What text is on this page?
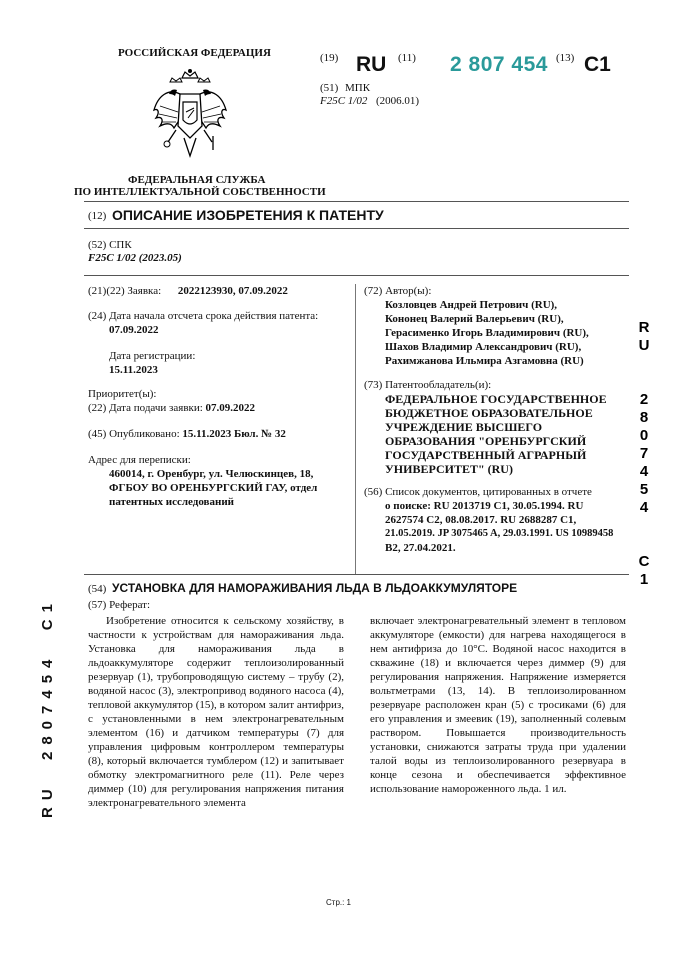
РОССИЙСКАЯ ФЕДЕРАЦИЯ
ФЕДЕРАЛЬНАЯ СЛУЖБА
ПО ИНТЕЛЛЕКТУАЛЬНОЙ СОБСТВЕННОСТИ
(19) RU (11) 2 807 454 (13) C1
(51) МПК
F25C 1/02 (2006.01)
(12) ОПИСАНИЕ ИЗОБРЕТЕНИЯ К ПАТЕНТУ
(52) СПК
F25C 1/02 (2023.05)
(21)(22) Заявка: 2022123930, 07.09.2022
(24) Дата начала отсчета срока действия патента:
07.09.2022
Дата регистрации:
15.11.2023
Приоритет(ы):
(22) Дата подачи заявки: 07.09.2022
(45) Опубликовано: 15.11.2023 Бюл. № 32
Адрес для переписки:
460014, г. Оренбург, ул. Челюскинцев, 18,
ФГБОУ ВО ОРЕНБУРГСКИЙ ГАУ, отдел
патентных исследований
(72) Автор(ы):
Козловцев Андрей Петрович (RU),
Кононец Валерий Валерьевич (RU),
Герасименко Игорь Владимирович (RU),
Шахов Владимир Александрович (RU),
Рахимжанова Ильмира Азгамовна (RU)
(73) Патентообладатель(и):
ФЕДЕРАЛЬНОЕ ГОСУДАРСТВЕННОЕ
БЮДЖЕТНОЕ ОБРАЗОВАТЕЛЬНОЕ
УЧРЕЖДЕНИЕ ВЫСШЕГО
ОБРАЗОВАНИЯ "ОРЕНБУРГСКИЙ
ГОСУДАРСТВЕННЫЙ АГРАРНЫЙ
УНИВЕРСИТЕТ" (RU)
(56) Список документов, цитированных в отчете
о поиске: RU 2013719 C1, 30.05.1994. RU
2627574 C2, 08.08.2017. RU 2688287 C1,
21.05.2019. JP 3075465 A, 29.03.1991. US 10989458
B2, 27.04.2021.
(54) УСТАНОВКА ДЛЯ НАМОРАЖИВАНИЯ ЛЬДА В ЛЬДОАККУМУЛЯТОРЕ
(57) Реферат:
Изобретение относится к сельскому хозяйству, в частности к устройствам для намораживания льда. Установка для намораживания льда в льдоаккумуляторе содержит теплоизолированный резервуар (1), трубопроводящую систему – трубу (2), водяной насос (3), электропривод водяного насоса (4), тепловой аккумулятор (15), в котором залит антифриз, с установленными в нем электронагревательным элементом (16) и датчиком температуры (7) для управления цифровым контроллером температуры (8), который включается тумблером (12) и запитывает обмотку электромагнитного реле (11). Реле через диммер (10) для регулирования напряжения питания электронагревательного элемента
включает электронагревательный элемент в тепловом аккумуляторе (емкости) для нагрева находящегося в нем антифриза до 10°С. Водяной насос находится в скважине (18) и включается через диммер (9) для регулирования напряжения. Напряжение измеряется вольтметрами (13, 14). В теплоизолированном резервуаре расположен кран (5) с тросиками (6) для его управления и змеевик (19), заполненный солевым раствором. Повышается производительность установки, снижаются затраты труда при удалении талой воды из теплоизолированного резервуара в конце сезона и обеспечивается эффективное использование намороженного льда. 1 ил.
R
U

2
8
0
7
4
5
4

C
1
RU  2807454  C1
Стр.: 1
